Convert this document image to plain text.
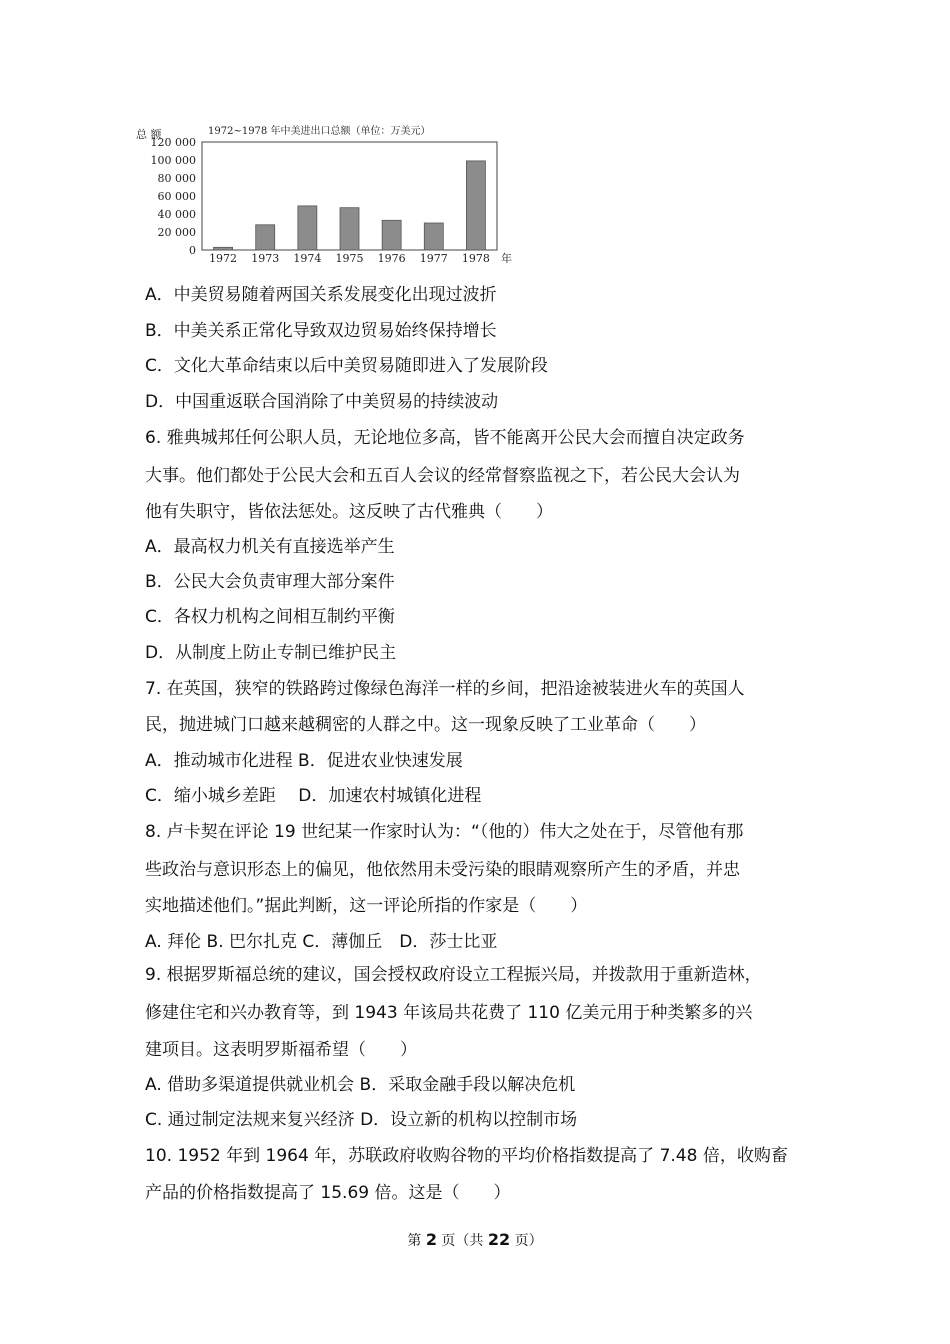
总 额	1972~1978 年中美进出口总额（单位：万美元）
0
20 000
40 000
60 000
80 000
100 000
120 000
1972 1973 1974 1975 1976 1977 1978 年
A．中美贸易随着两国关系发展变化出现过波折
B．中美关系正常化导致双边贸易始终保持增长
C．文化大革命结束以后中美贸易随即进入了发展阶段
D．中国重返联合国消除了中美贸易的持续波动
6. 雅典城邦任何公职人员，无论地位多高，皆不能离开公民大会而擅自决定政务
大事。他们都处于公民大会和五百人会议的经常督察监视之下，若公民大会认为
他有失职守，皆依法惩处。这反映了古代雅典（　　）
A．最高权力机关有直接选举产生
B．公民大会负责审理大部分案件
C．各权力机构之间相互制约平衡
D．从制度上防止专制已维护民主
7. 在英国，狭窄的铁路跨过像绿色海洋一样的乡间，把沿途被装进火车的英国人
民，抛进城门口越来越稠密的人群之中。这一现象反映了工业革命（　　）
A．推动城市化进程 B．促进农业快速发展
C．缩小城乡差距　 D．加速农村城镇化进程
8. 卢卡契在评论 19 世纪某一作家时认为：“（他的）伟大之处在于，尽管他有那
些政治与意识形态上的偏见，他依然用未受污染的眼睛观察所产生的矛盾，并忠
实地描述他们。”据此判断，这一评论所指的作家是（　　）
A. 拜伦 B. 巴尔扎克 C．薄伽丘　D．莎士比亚
9. 根据罗斯福总统的建议，国会授权政府设立工程振兴局，并拨款用于重新造林，
修建住宅和兴办教育等，到 1943 年该局共花费了 110 亿美元用于种类繁多的兴
建项目。这表明罗斯福希望（　　）
A. 借助多渠道提供就业机会 B．采取金融手段以解决危机
C. 通过制定法规来复兴经济 D．设立新的机构以控制市场
10. 1952 年到 1964 年，苏联政府收购谷物的平均价格指数提高了 7.48 倍，收购畜
产品的价格指数提高了 15.69 倍。这是（　　）
第 2 页（共 22 页）
